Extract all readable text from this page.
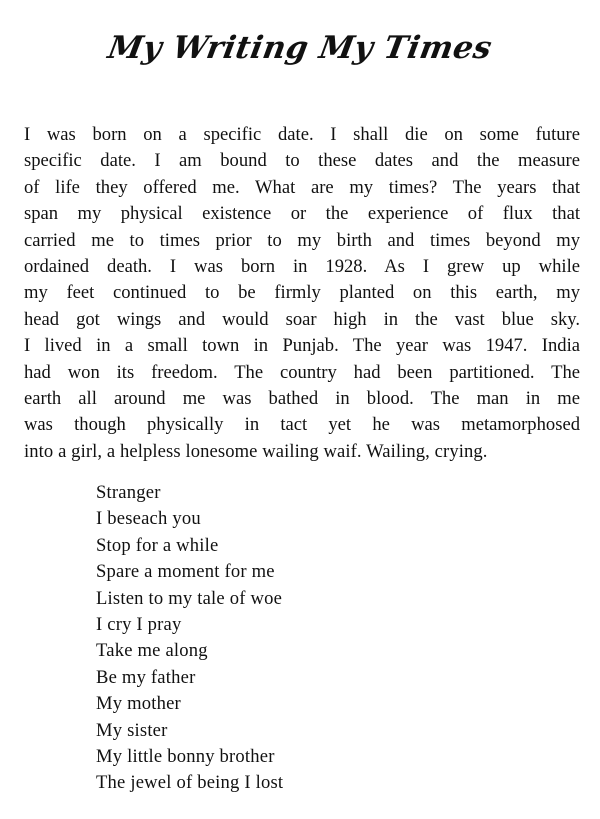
My Writing My Times
I was born on a specific date. I shall die on some future
specific date. I am bound to these dates and the measure
of life they offered me. What are my times? The years that
span my physical existence or the experience of flux that
carried me to times prior to my birth and times beyond my
ordained death. I was born in 1928. As I grew up while
my feet continued to be firmly planted on this earth, my
head got wings and would soar high in the vast blue sky.
I lived in a small town in Punjab. The year was 1947. India
had won its freedom. The country had been partitioned. The
earth all around me was bathed in blood. The man in me
was though physically in tact yet he was metamorphosed
into a girl, a helpless lonesome wailing waif. Wailing, crying.
Stranger
I beseach you
Stop for a while
Spare a moment for me
Listen to my tale of woe
I cry I pray
Take me along
Be my father
My mother
My sister
My little bonny brother
The jewel of being I lost
